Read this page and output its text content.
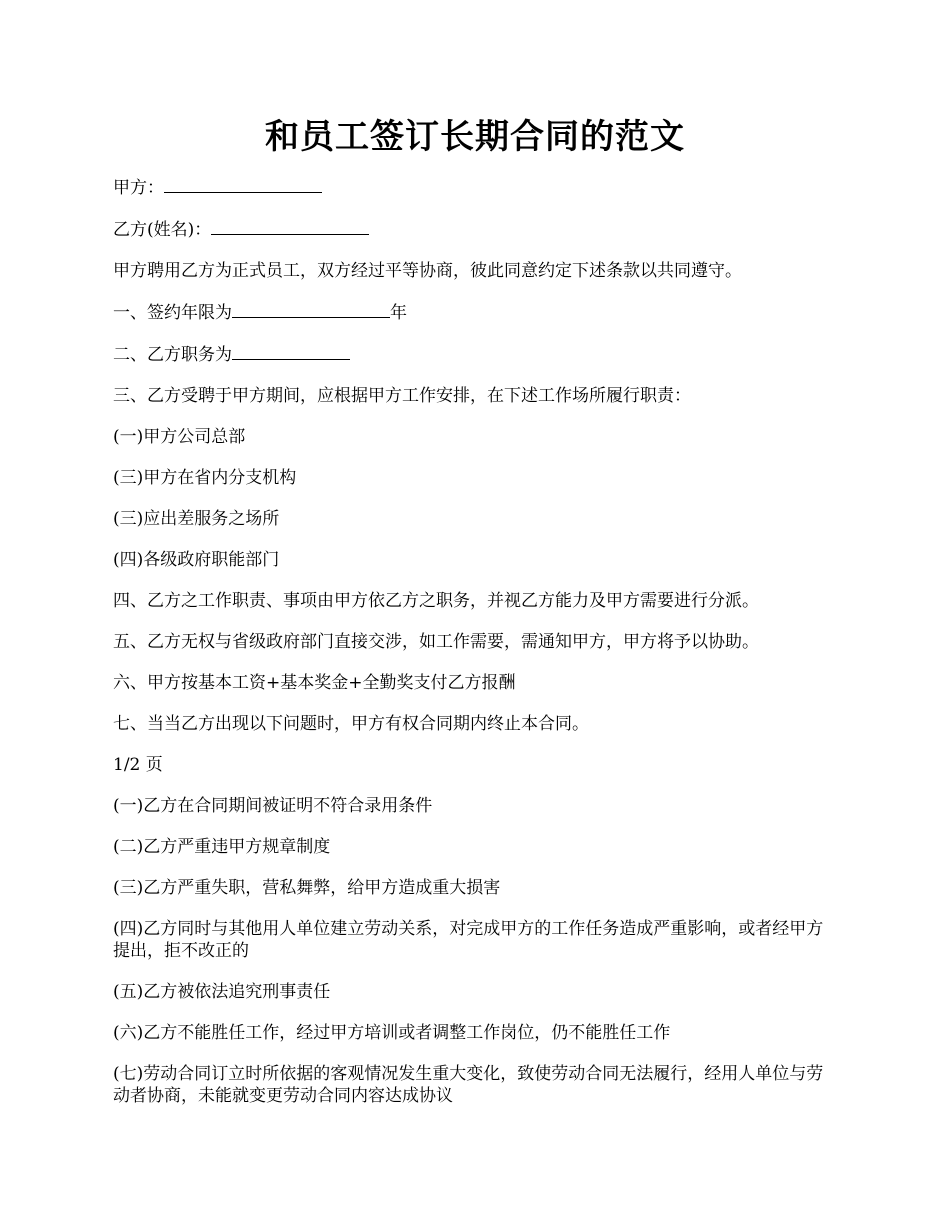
和员工签订长期合同的范文
甲方：
乙方(姓名)：
甲方聘用乙方为正式员工，双方经过平等协商，彼此同意约定下述条款以共同遵守。
一、签约年限为	年
二、乙方职务为
三、乙方受聘于甲方期间，应根据甲方工作安排，在下述工作场所履行职责：
(一)甲方公司总部
(三)甲方在省内分支机构
(三)应出差服务之场所
(四)各级政府职能部门
四、乙方之工作职责、事项由甲方依乙方之职务，并视乙方能力及甲方需要进行分派。
五、乙方无权与省级政府部门直接交涉，如工作需要，需通知甲方，甲方将予以协助。
六、甲方按基本工资+基本奖金+全勤奖支付乙方报酬
七、当当乙方出现以下问题时，甲方有权合同期内终止本合同。
1/2 页
(一)乙方在合同期间被证明不符合录用条件
(二)乙方严重违甲方规章制度
(三)乙方严重失职，营私舞弊，给甲方造成重大损害
(四)乙方同时与其他用人单位建立劳动关系，对完成甲方的工作任务造成严重影响，或者经甲方提出，拒不改正的
(五)乙方被依法追究刑事责任
(六)乙方不能胜任工作，经过甲方培训或者调整工作岗位，仍不能胜任工作
(七)劳动合同订立时所依据的客观情况发生重大变化，致使劳动合同无法履行，经用人单位与劳动者协商，未能就变更劳动合同内容达成协议
